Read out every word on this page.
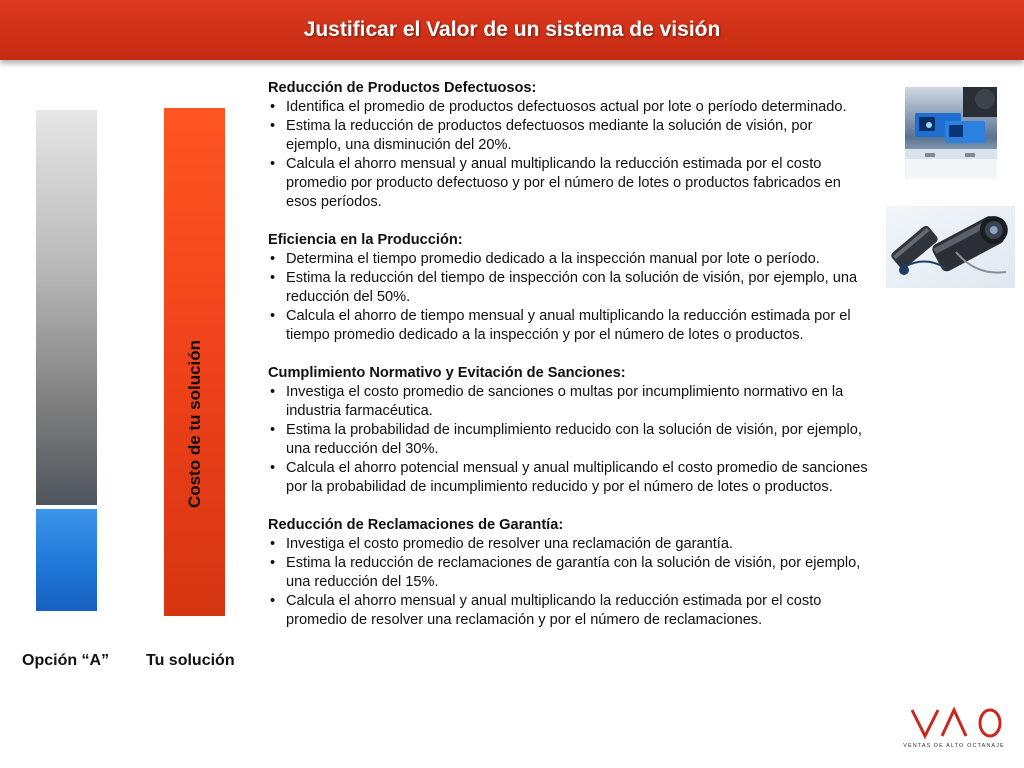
Justificar el Valor de un sistema de visión
Costo de tu solución
Opción “A” Tu solución
Reducción de Productos Defectuosos:
• Identifica el promedio de productos defectuosos actual por lote o período determinado.
• Estima la reducción de productos defectuosos mediante la solución de visión, por ejemplo, una disminución del 20%.
• Calcula el ahorro mensual y anual multiplicando la reducción estimada por el costo promedio por producto defectuoso y por el número de lotes o productos fabricados en esos períodos.
Eficiencia en la Producción:
• Determina el tiempo promedio dedicado a la inspección manual por lote o período.
• Estima la reducción del tiempo de inspección con la solución de visión, por ejemplo, una reducción del 50%.
• Calcula el ahorro de tiempo mensual y anual multiplicando la reducción estimada por el tiempo promedio dedicado a la inspección y por el número de lotes o productos.
Cumplimiento Normativo y Evitación de Sanciones:
• Investiga el costo promedio de sanciones o multas por incumplimiento normativo en la industria farmacéutica.
• Estima la probabilidad de incumplimiento reducido con la solución de visión, por ejemplo, una reducción del 30%.
• Calcula el ahorro potencial mensual y anual multiplicando el costo promedio de sanciones por la probabilidad de incumplimiento reducido y por el número de lotes o productos.
Reducción de Reclamaciones de Garantía:
• Investiga el costo promedio de resolver una reclamación de garantía.
• Estima la reducción de reclamaciones de garantía con la solución de visión, por ejemplo, una reducción del 15%.
• Calcula el ahorro mensual y anual multiplicando la reducción estimada por el costo promedio de resolver una reclamación y por el número de reclamaciones.
VENTAS DE ALTO OCTANAJE
